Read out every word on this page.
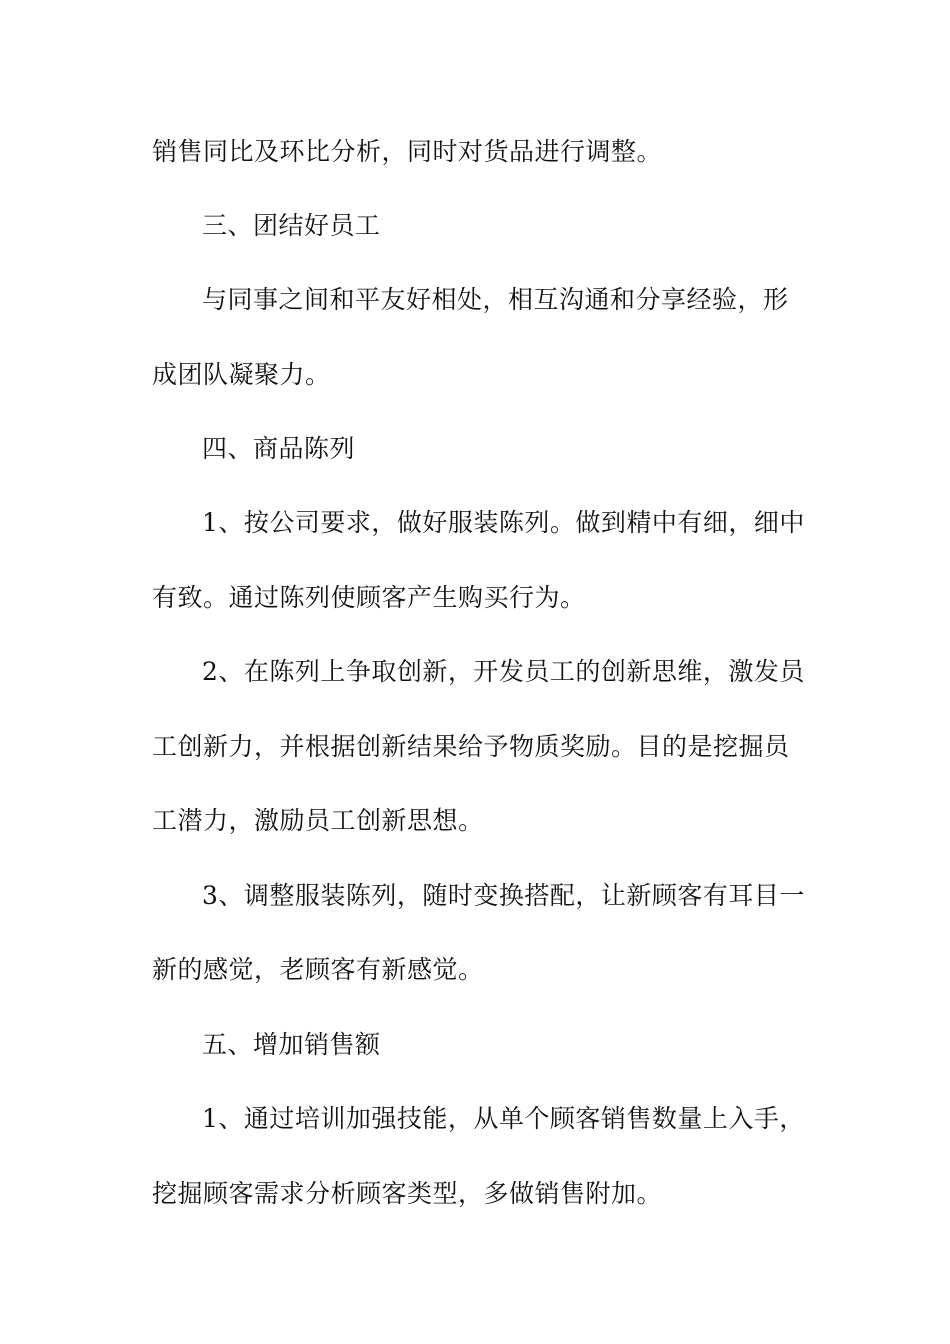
销售同比及环比分析，同时对货品进行调整。
三、团结好员工
与同事之间和平友好相处，相互沟通和分享经验，形
成团队凝聚力。
四、商品陈列
1、按公司要求，做好服装陈列。做到精中有细，细中
有致。通过陈列使顾客产生购买行为。
2、在陈列上争取创新，开发员工的创新思维，激发员
工创新力，并根据创新结果给予物质奖励。目的是挖掘员
工潜力，激励员工创新思想。
3、调整服装陈列，随时变换搭配，让新顾客有耳目一
新的感觉，老顾客有新感觉。
五、增加销售额
1、通过培训加强技能，从单个顾客销售数量上入手，
挖掘顾客需求分析顾客类型，多做销售附加。
